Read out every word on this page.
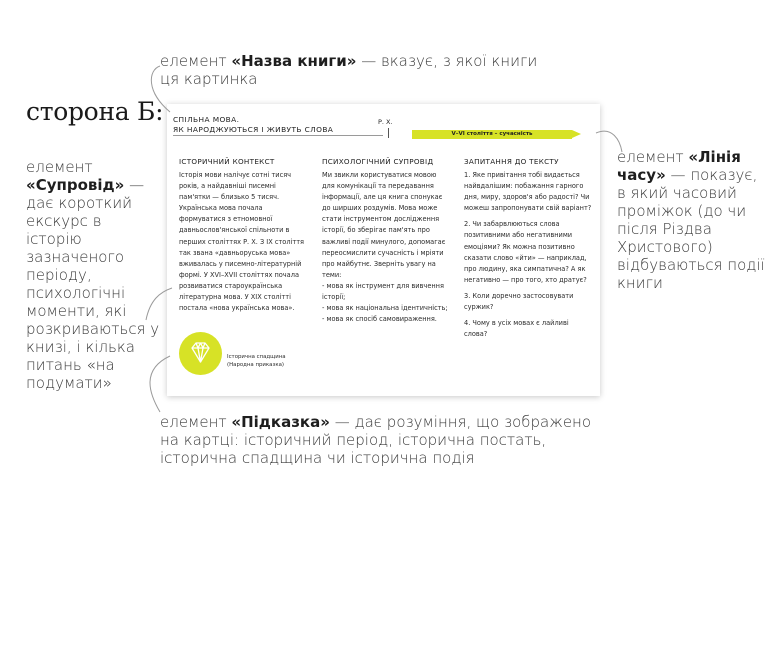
сторона Б:
елемент «Назва книги» — вказує, з якої книги ця картинка
елемент «Супровід» — дає короткий екскурс в історію зазначеного періоду, психологічні моменти, які розкриваються у книзі, і кілька питань «на подумати»
елемент «Лінія часу» — показує, в який часовий проміжок (до чи після Різдва Христового) відбуваються події книги
елемент «Підказка» — дає розуміння, що зображено на картці: історичний період, історична постать, історична спадщина чи історична подія
СПІЛЬНА МОВА.
ЯК НАРОДЖУЮТЬСЯ І ЖИВУТЬ СЛОВА
Р. Х.
V–VI століття – сучасність
ІСТОРИЧНИЙ КОНТЕКСТ

Історія мови налічує сотні тисяч років, а найдавніші писемні пам'ятки — близько 5 тисяч. Українська мова почала формуватися з етномовної давньослов'янської спільноти в перших століттях Р. Х. З ІХ століття так звана «давньоруська мова» вживалась у писемно-літературній формі. У XVI–XVII століттях почала розвиватися староукраїнська літературна мова. У XIX столітті постала «нова українська мова».

ПСИХОЛОГІЧНИЙ СУПРОВІД

Ми звикли користуватися мовою для комунікації та передавання інформації, але ця книга спонукає до ширших роздумів. Мова може стати інструментом дослідження історії, бо зберігає пам'ять про важливі події минулого, допомагає переосмислити сучасність і мріяти про майбутнє. Зверніть увагу на теми:

- мова як інструмент для вивчення історії;
- мова як національна ідентичність;
- мова як спосіб самовираження.
ЗАПИТАННЯ ДО ТЕКСТУ

1. Яке привітання тобі видається найвдалішим: побажання гарного дня, миру, здоров'я або радості? Чи можеш запропонувати свій варіант?

2. Чи забарвлюються слова позитивними або негативними емоціями? Як можна позитивно сказати слово «йти» — наприклад, про людину, яка симпатична? А як негативно — про того, хто дратує?

3. Коли доречно застосовувати суржик?

4. Чому в усіх мовах є лайливі слова?

Історична спадщина
(Народна приказка)
